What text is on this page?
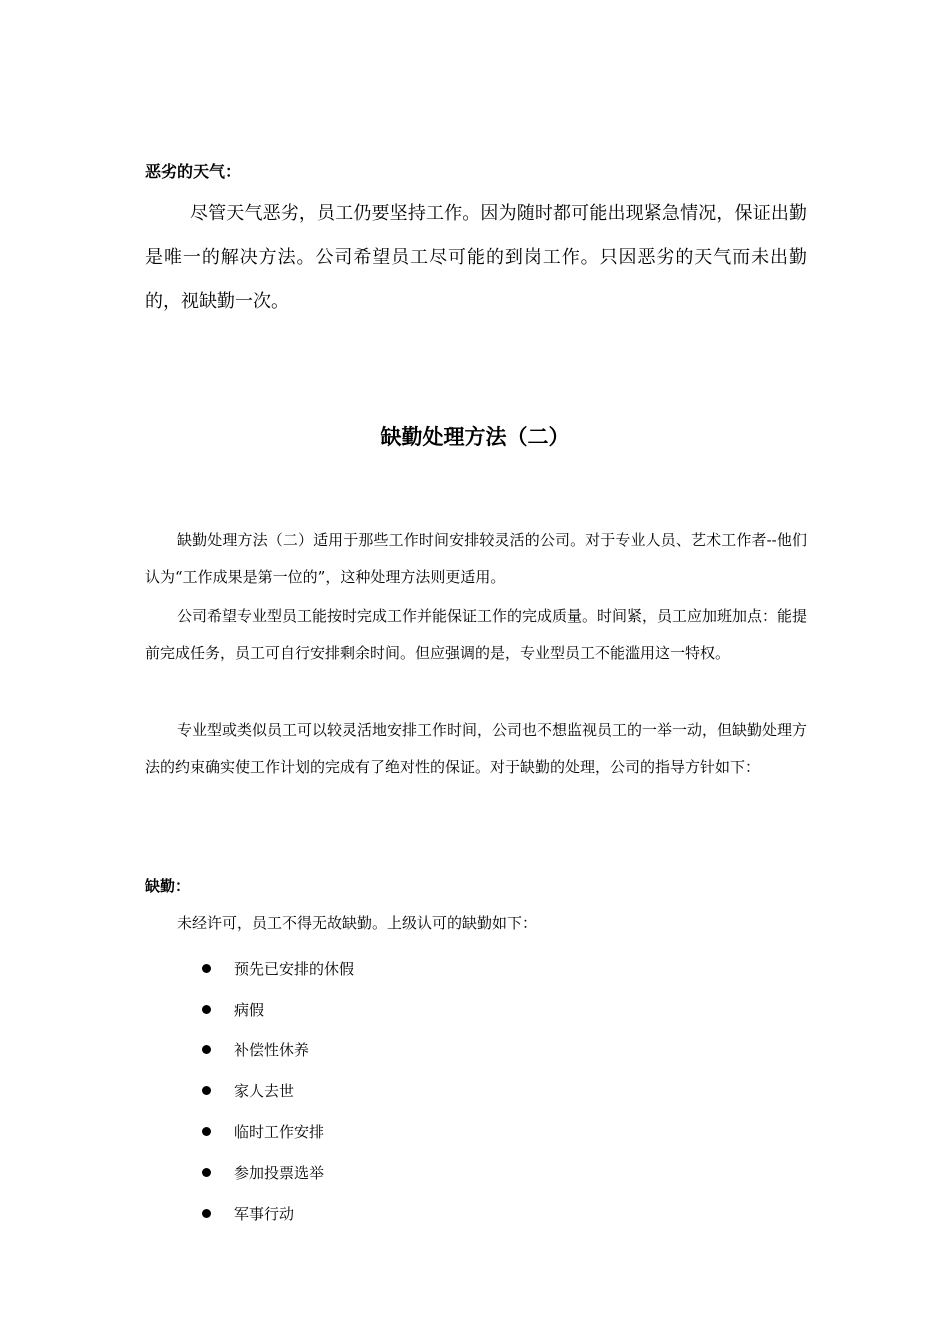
恶劣的天气：
尽管天气恶劣，员工仍要坚持工作。因为随时都可能出现紧急情况，保证出勤是唯一的解决方法。公司希望员工尽可能的到岗工作。只因恶劣的天气而未出勤的，视缺勤一次。
缺勤处理方法（二）
缺勤处理方法（二）适用于那些工作时间安排较灵活的公司。对于专业人员、艺术工作者--他们认为“工作成果是第一位的”，这种处理方法则更适用。
公司希望专业型员工能按时完成工作并能保证工作的完成质量。时间紧，员工应加班加点：能提前完成任务，员工可自行安排剩余时间。但应强调的是，专业型员工不能滥用这一特权。
专业型或类似员工可以较灵活地安排工作时间，公司也不想监视员工的一举一动，但缺勤处理方法的约束确实使工作计划的完成有了绝对性的保证。对于缺勤的处理，公司的指导方针如下：
缺勤：
未经许可，员工不得无故缺勤。上级认可的缺勤如下：
预先已安排的休假
病假
补偿性休养
家人去世
临时工作安排
参加投票选举
军事行动
